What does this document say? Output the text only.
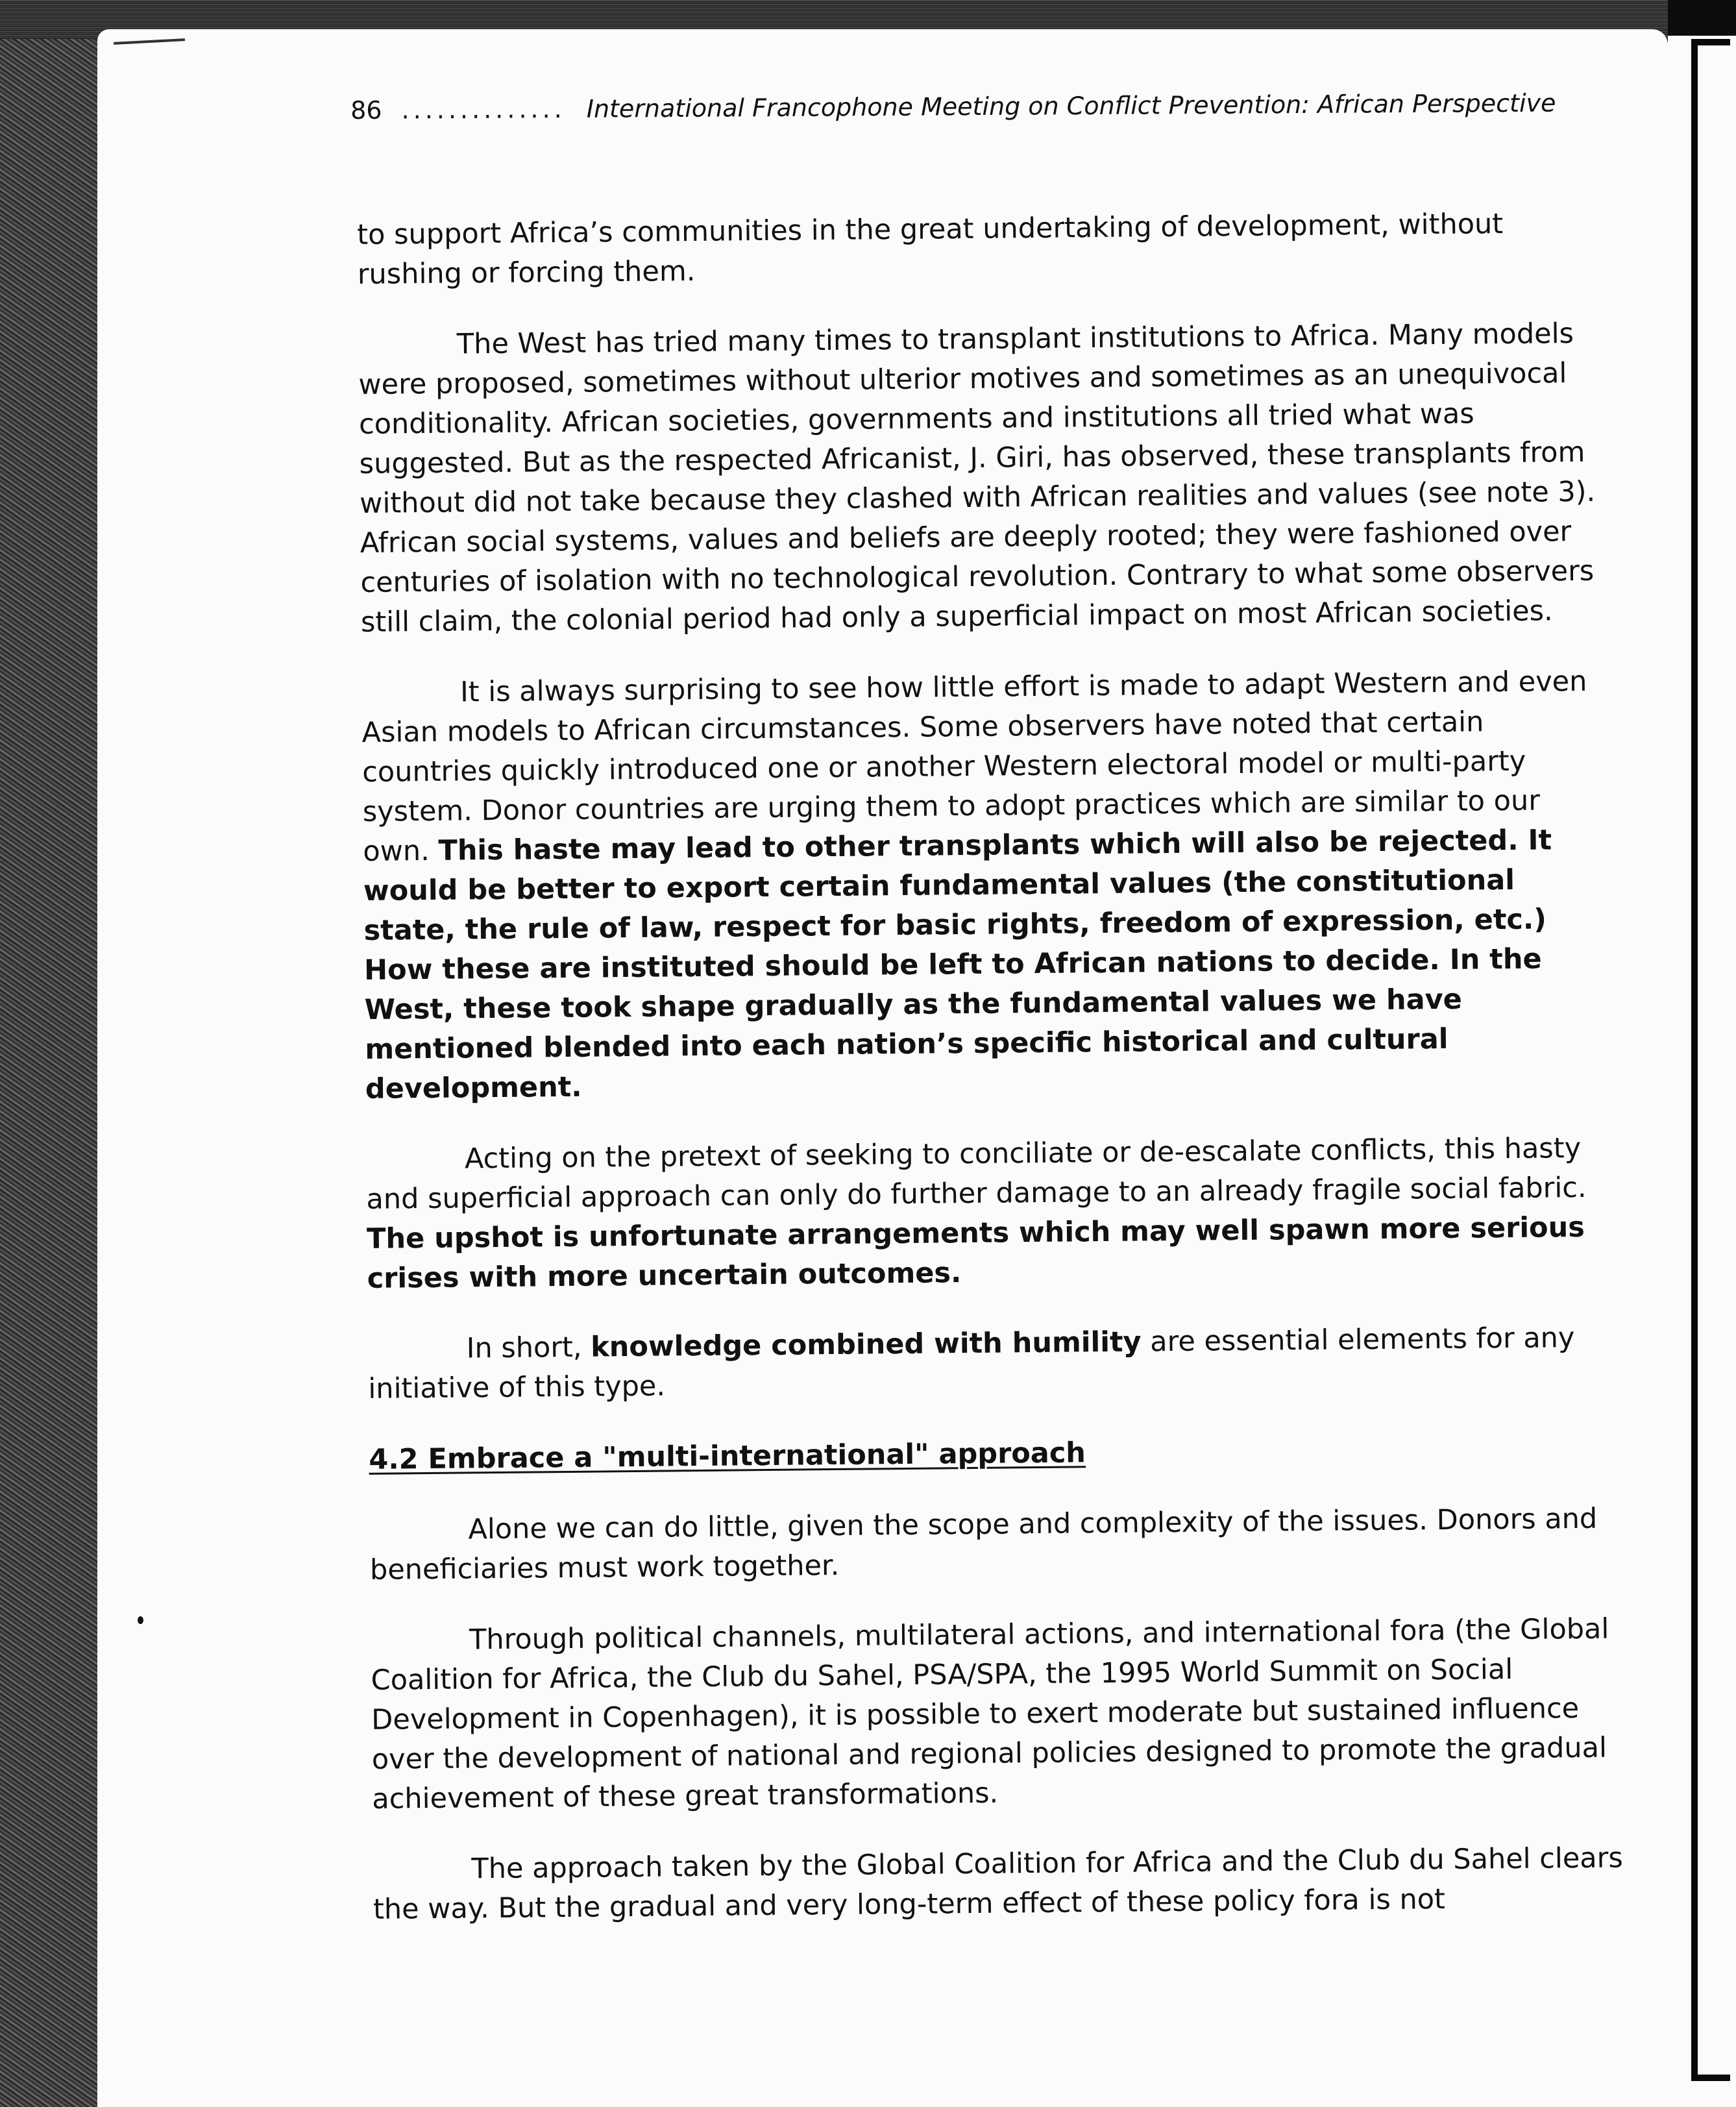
86 .............. International Francophone Meeting on Conflict Prevention: African Perspective

to support Africa’s communities in the great undertaking of development, without rushing or forcing them.

The West has tried many times to transplant institutions to Africa. Many models were proposed, sometimes without ulterior motives and sometimes as an unequivocal conditionality. African societies, governments and institutions all tried what was suggested. But as the respected Africanist, J. Giri, has observed, these transplants from without did not take because they clashed with African realities and values (see note 3). African social systems, values and beliefs are deeply rooted; they were fashioned over centuries of isolation with no technological revolution. Contrary to what some observers still claim, the colonial period had only a superficial impact on most African societies.

It is always surprising to see how little effort is made to adapt Western and even Asian models to African circumstances. Some observers have noted that certain countries quickly introduced one or another Western electoral model or multi-party system. Donor countries are urging them to adopt practices which are similar to our own. This haste may lead to other transplants which will also be rejected. It would be better to export certain fundamental values (the constitutional state, the rule of law, respect for basic rights, freedom of expression, etc.) How these are instituted should be left to African nations to decide. In the West, these took shape gradually as the fundamental values we have mentioned blended into each nation’s specific historical and cultural development.

Acting on the pretext of seeking to conciliate or de-escalate conflicts, this hasty and superficial approach can only do further damage to an already fragile social fabric. The upshot is unfortunate arrangements which may well spawn more serious crises with more uncertain outcomes.

In short, knowledge combined with humility are essential elements for any initiative of this type.

4.2 Embrace a "multi-international" approach

Alone we can do little, given the scope and complexity of the issues. Donors and beneficiaries must work together.

Through political channels, multilateral actions, and international fora (the Global Coalition for Africa, the Club du Sahel, PSA/SPA, the 1995 World Summit on Social Development in Copenhagen), it is possible to exert moderate but sustained influence over the development of national and regional policies designed to promote the gradual achievement of these great transformations.

The approach taken by the Global Coalition for Africa and the Club du Sahel clears the way. But the gradual and very long-term effect of these policy fora is not
